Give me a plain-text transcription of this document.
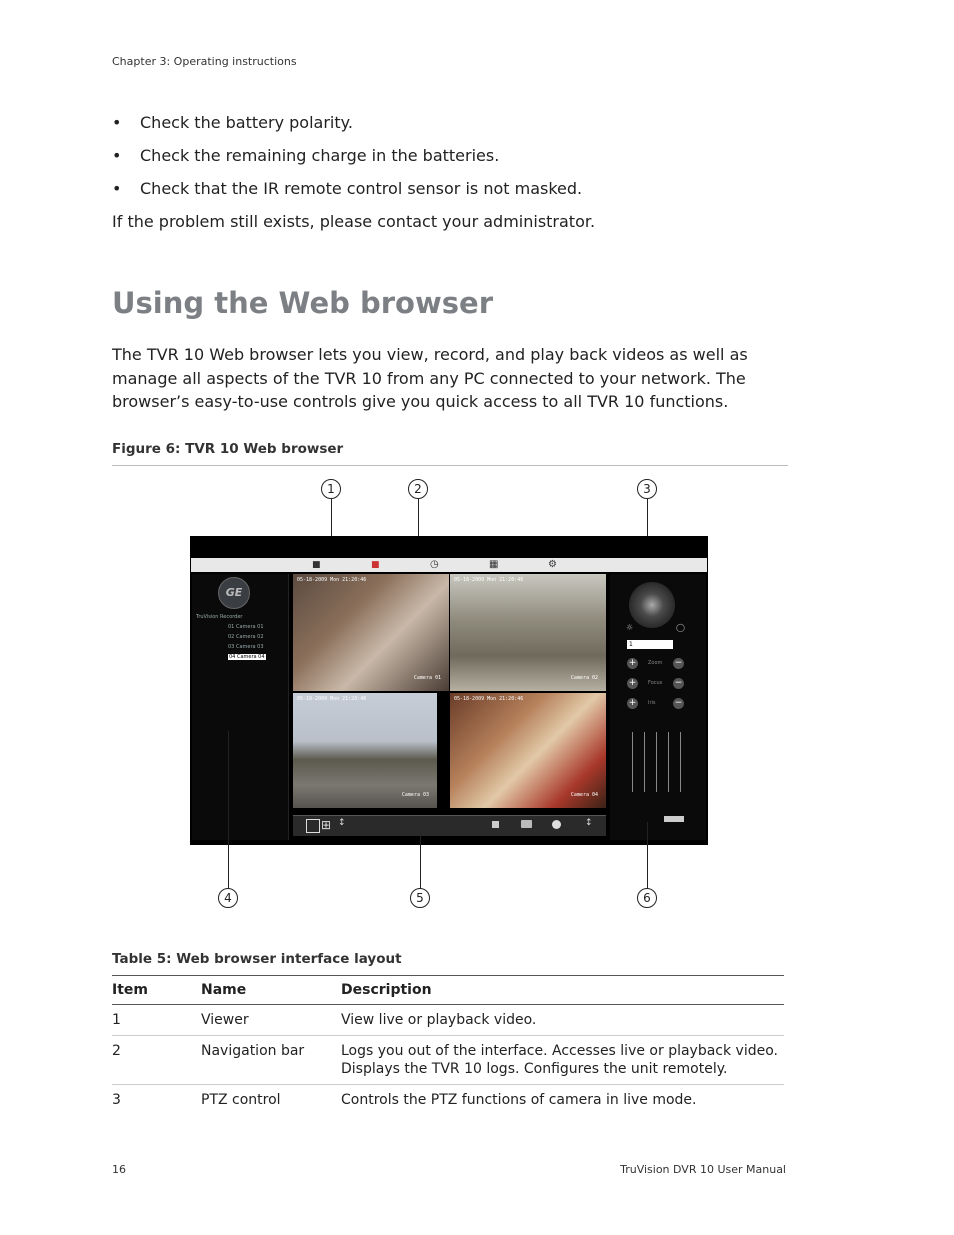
Chapter 3: Operating instructions
• Check the battery polarity.
• Check the remaining charge in the batteries.
• Check that the IR remote control sensor is not masked.
If the problem still exists, please contact your administrator.
Using the Web browser
The TVR 10 Web browser lets you view, record, and play back videos as well as manage all aspects of the TVR 10 from any PC connected to your network. The browser’s easy-to-use controls give you quick access to all TVR 10 functions.
Figure 6: TVR 10 Web browser
1	2	3
■	■	◷	▦	⚙
GE
TruVision Recorder
01 Camera 01
02 Camera 02
03 Camera 03
04 Camera 04
05-18-2009 Mon 21:20:46
Camera 01
05-18-2009 Mon 21:20:46
Camera 02
05-18-2009 Mon 21:20:46
Camera 03
05-18-2009 Mon 21:20:46
Camera 04
⊞ ↕	↕
☼	◯
1
+	Zoom −
+	Focus −
+	Iris −
4	5	6
Table 5: Web browser interface layout
Item	Name	Description
1	Viewer	View live or playback video.
2	Navigation bar	Logs you out of the interface. Accesses live or playback video. Displays the TVR 10 logs. Configures the unit remotely.
3	PTZ control	Controls the PTZ functions of camera in live mode.
16	TruVision DVR 10 User Manual
